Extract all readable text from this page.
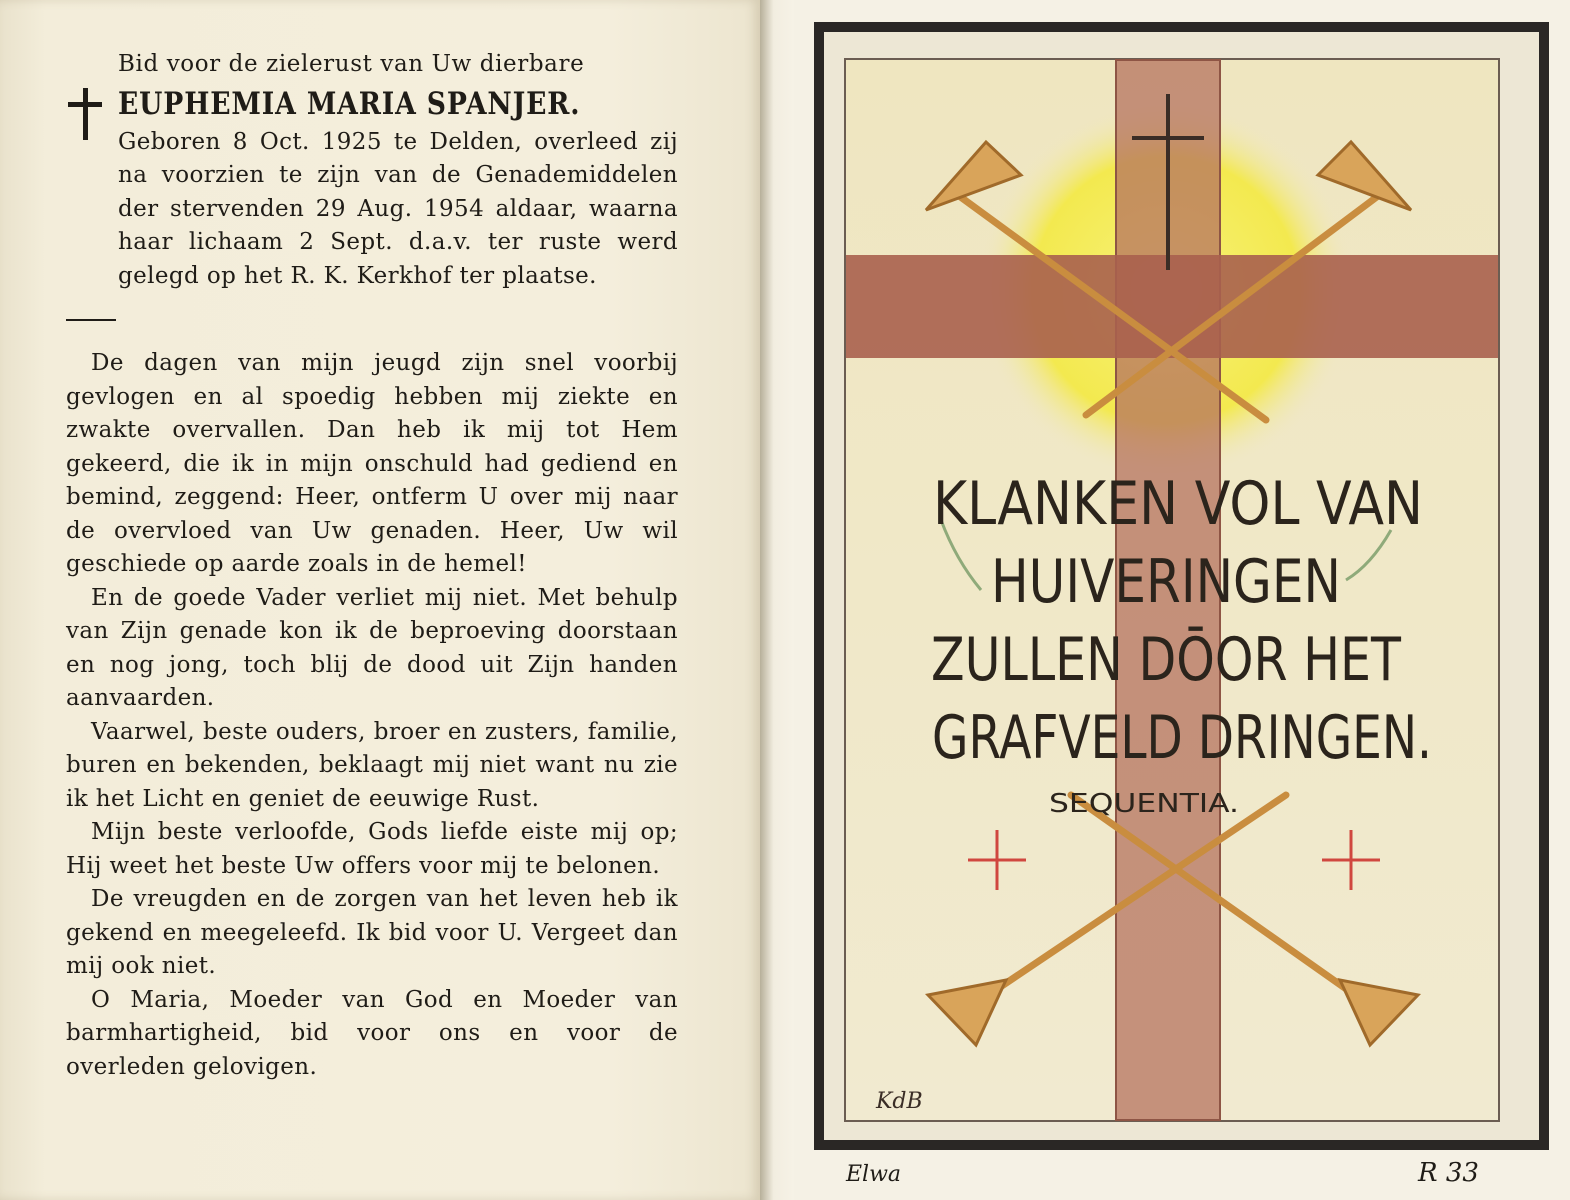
Bid voor de zielerust van Uw dierbare
EUPHEMIA MARIA SPANJER.
Geboren 8 Oct. 1925 te Delden, overleed zij na voorzien te zijn van de Genademiddelen der stervenden 29 Aug. 1954 aldaar, waarna haar lichaam 2 Sept. d.a.v. ter ruste werd gelegd op het R. K. Kerkhof ter plaatse.

De dagen van mijn jeugd zijn snel voorbij gevlogen en al spoedig hebben mij ziekte en zwakte overvallen. Dan heb ik mij tot Hem gekeerd, die ik in mijn onschuld had gediend en bemind, zeggend: Heer, ontferm U over mij naar de overvloed van Uw genaden. Heer, Uw wil geschiede op aarde zoals in de hemel!

En de goede Vader verliet mij niet. Met behulp van Zijn genade kon ik de beproeving doorstaan en nog jong, toch blij de dood uit Zijn handen aanvaarden.

Vaarwel, beste ouders, broer en zusters, familie, buren en bekenden, beklaagt mij niet want nu zie ik het Licht en geniet de eeuwige Rust.

Mijn beste verloofde, Gods liefde eiste mij op; Hij weet het beste Uw offers voor mij te belonen.

De vreugden en de zorgen van het leven heb ik gekend en meegeleefd. Ik bid voor U. Vergeet dan mij ook niet.

O Maria, Moeder van God en Moeder van barmhartigheid, bid voor ons en voor de overleden gelovigen.

KLANKEN VOL VAN
HUIVERINGEN
ZULLEN DŌOR HET
GRAFVELD DRINGEN.
SEQUENTIA.
KdB
Elwa	R 33
